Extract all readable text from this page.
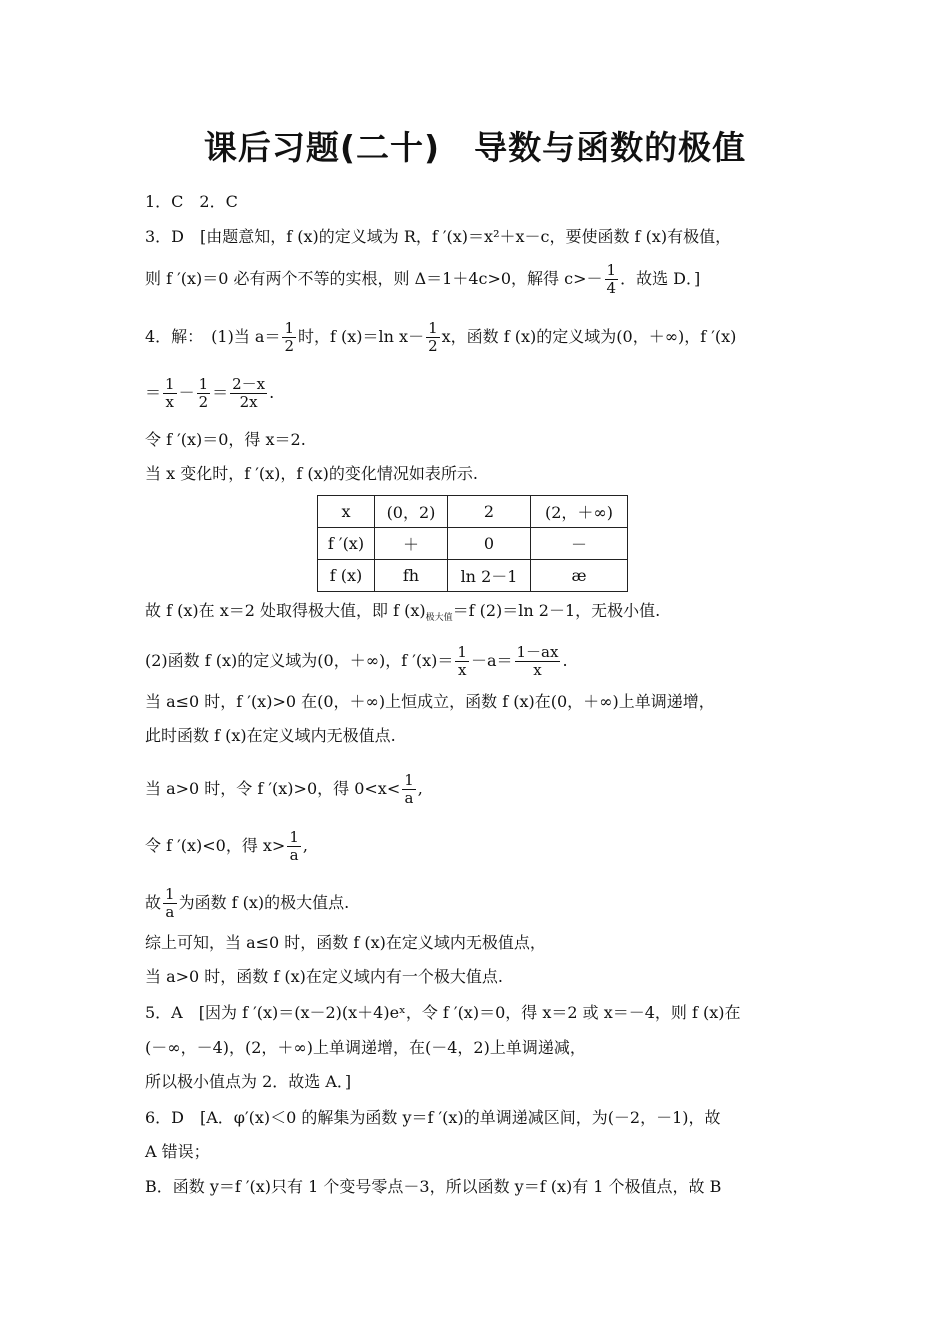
课后习题(二十)　导数与函数的极值
1．C　2．C
3．D　[由题意知，f (x)的定义域为 R，f ′(x)＝x²＋x－c，要使函数 f (x)有极值，
则 f ′(x)＝0 必有两个不等的实根，则 Δ＝1＋4c>0，解得 $c>- \frac{1}{4}$ ．故选 D．]
4．解：　(1)当 $a= \frac{1}{2}$ 时，f (x)＝ln $x- \frac{1}{2}$ x，函数 f (x)的定义域为(0，＋∞)，f ′(x)
＝ $\frac{1}{x} - \frac{1}{2} = \frac{2-x}{2x}$ .
令 f ′(x)＝0，得 x＝2.
当 x 变化时，f ′(x)，f (x)的变化情况如表所示.
x	(0，2)	2	(2，＋∞)
f ′(x)	＋	0	－
f (x)	fh	ln 2－1	æ
故 f (x)在 x＝2 处取得极大值，即 f $(x)_{极大值}=f$ (2)＝ln 2－1，无极小值.
(2)函数 f (x)的定义域为(0，＋∞)，f $'(x)= \frac{1}{x} -a= \frac{1-ax}{x}$ .
当 a≤0 时，f ′(x)>0 在(0，＋∞)上恒成立，函数 f (x)在(0，＋∞)上单调递增，
此时函数 f (x)在定义域内无极值点.
当 a>0 时，令 f ′(x)>0，得 $0<x< \frac{1}{a}$ ,
令 f ′(x)<0，得 $x> \frac{1}{a}$ ,
故 $\frac{1}{a}$ 为函数 f (x)的极大值点.
综上可知，当 a≤0 时，函数 f (x)在定义域内无极值点，
当 a>0 时，函数 f (x)在定义域内有一个极大值点.
5．A　[因为 f ′(x)＝(x－2)(x＋4)eˣ，令 f ′(x)＝0，得 x＝2 或 x＝－4，则 f (x)在
(－∞，－4)，(2，＋∞)上单调递增，在(－4，2)上单调递减，
所以极小值点为 2．故选 A．]
6．D　[A．φ′(x)＜0 的解集为函数 y＝f ′(x)的单调递减区间，为(－2，－1)，故
A 错误；
B．函数 y＝f ′(x)只有 1 个变号零点－3，所以函数 y＝f (x)有 1 个极值点，故 B
